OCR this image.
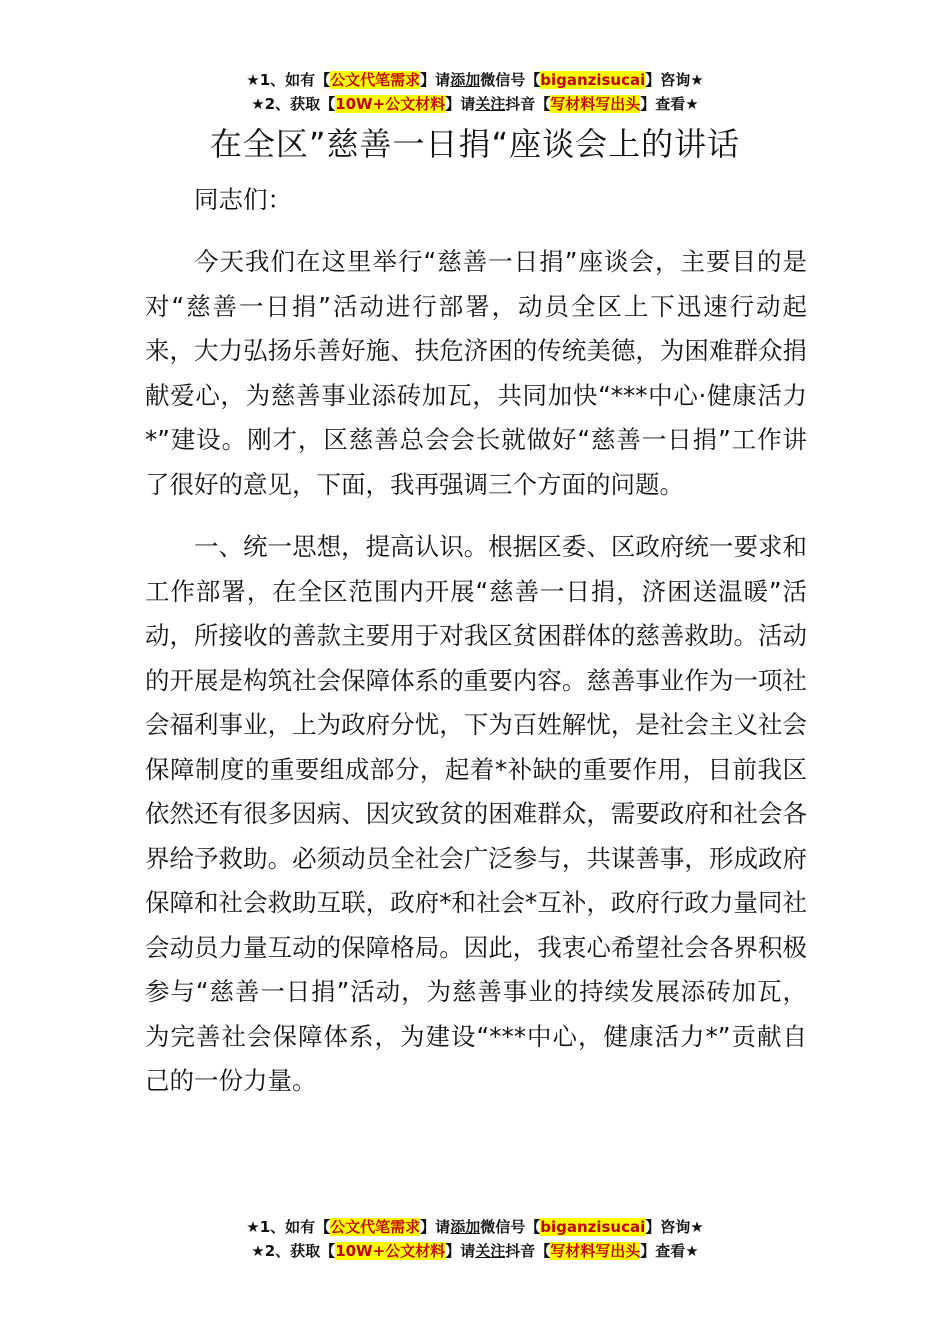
★1、如有【公文代笔需求】请添加微信号【biganzisucai】咨询★
★2、获取【10W+公文材料】请关注抖音【写材料写出头】查看★
在全区”慈善一日捐“座谈会上的讲话
同志们：

今天我们在这里举行“慈善一日捐”座谈会，主要目的是对“慈善一日捐”活动进行部署，动员全区上下迅速行动起来，大力弘扬乐善好施、扶危济困的传统美德，为困难群众捐献爱心，为慈善事业添砖加瓦，共同加快“***中心·健康活力*”建设。刚才，区慈善总会会长就做好“慈善一日捐”工作讲了很好的意见，下面，我再强调三个方面的问题。

一、统一思想，提高认识。根据区委、区政府统一要求和工作部署，在全区范围内开展“慈善一日捐，济困送温暖”活动，所接收的善款主要用于对我区贫困群体的慈善救助。活动的开展是构筑社会保障体系的重要内容。慈善事业作为一项社会福利事业，上为政府分忧，下为百姓解忧，是社会主义社会保障制度的重要组成部分，起着*补缺的重要作用，目前我区依然还有很多因病、因灾致贫的困难群众，需要政府和社会各界给予救助。必须动员全社会广泛参与，共谋善事，形成政府保障和社会救助互联，政府*和社会*互补，政府行政力量同社会动员力量互动的保障格局。因此，我衷心希望社会各界积极参与“慈善一日捐”活动，为慈善事业的持续发展添砖加瓦，为完善社会保障体系，为建设“***中心，健康活力*”贡献自己的一份力量。

★1、如有【公文代笔需求】请添加微信号【biganzisucai】咨询★
★2、获取【10W+公文材料】请关注抖音【写材料写出头】查看★
